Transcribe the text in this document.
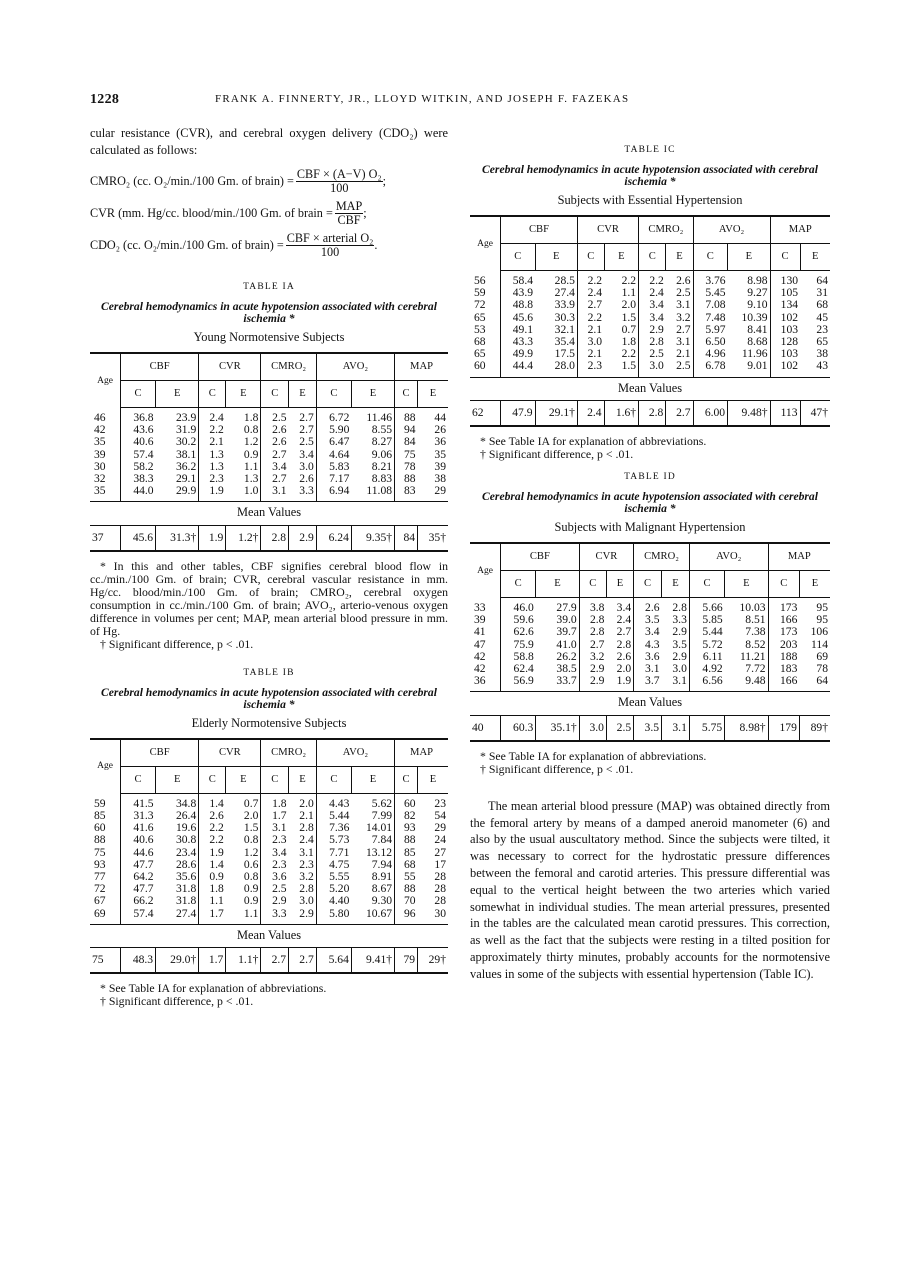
1228	FRANK A. FINNERTY, JR., LLOYD WITKIN, AND JOSEPH F. FAZEKAS
cular resistance (CVR), and cerebral oxygen delivery (CDO₂) were calculated as follows:
CMRO₂ (cc. O₂/min./100 Gm. of brain) = $\frac{\text{CBF × (A−V) O₂}}{100}$ ;
CVR (mm. Hg/cc. blood/min./100 Gm. of brain = $\frac{\text{MAP}}{\text{CBF}}$ ;
CDO₂ (cc. O₂/min./100 Gm. of brain) = $\frac{\text{CBF × arterial O₂}}{100}$ .
TABLE IA
Cerebral hemodynamics in acute hypotension associated with cerebral ischemia *
Young Normotensive Subjects
Age	CBF		CVR		CMRO₂		AVO₂		MAP	
	C	E	C	E	C	E	C	E	C	E
46	36.8	23.9	2.4	1.8	2.5	2.7	6.72	11.46	88	44
42	43.6	31.9	2.2	0.8	2.6	2.7	5.90	8.55	94	26
35	40.6	30.2	2.1	1.2	2.6	2.5	6.47	8.27	84	36
39	57.4	38.1	1.3	0.9	2.7	3.4	4.64	9.06	75	35
30	58.2	36.2	1.3	1.1	3.4	3.0	5.83	8.21	78	39
32	38.3	29.1	2.3	1.3	2.7	2.6	7.17	8.83	88	38
35	44.0	29.9	1.9	1.0	3.1	3.3	6.94	11.08	83	29
Mean Values										
37	45.6	31.3†	1.9	1.2†	2.8	2.9	6.24	9.35†	84	35†

* In this and other tables, CBF signifies cerebral blood flow in cc./min./100 Gm. of brain; CVR, cerebral vascular resistance in mm. Hg/cc. blood/min./100 Gm. of brain; CMRO₂, cerebral oxygen consumption in cc./min./100 Gm. of brain; AVO₂, arterio-venous oxygen difference in volumes per cent; MAP, mean arterial blood pressure in mm. of Hg.

† Significant difference, p < .01.

TABLE IB
Cerebral hemodynamics in acute hypotension associated with cerebral ischemia *
Elderly Normotensive Subjects
Age	CBF		CVR		CMRO₂		AVO₂		MAP	
	C	E	C	E	C	E	C	E	C	E
59	41.5	34.8	1.4	0.7	1.8	2.0	4.43	5.62	60	23
85	31.3	26.4	2.6	2.0	1.7	2.1	5.44	7.99	82	54
60	41.6	19.6	2.2	1.5	3.1	2.8	7.36	14.01	93	29
88	40.6	30.8	2.2	0.8	2.3	2.4	5.73	7.84	88	24
75	44.6	23.4	1.9	1.2	3.4	3.1	7.71	13.12	85	27
93	47.7	28.6	1.4	0.6	2.3	2.3	4.75	7.94	68	17
77	64.2	35.6	0.9	0.8	3.6	3.2	5.55	8.91	55	28
72	47.7	31.8	1.8	0.9	2.5	2.8	5.20	8.67	88	28
67	66.2	31.8	1.1	0.9	2.9	3.0	4.40	9.30	70	28
69	57.4	27.4	1.7	1.1	3.3	2.9	5.80	10.67	96	30
Mean Values										
75	48.3	29.0†	1.7	1.1†	2.7	2.7	5.64	9.41†	79	29†

* See Table IA for explanation of abbreviations.

† Significant difference, p < .01.

TABLE IC
Cerebral hemodynamics in acute hypotension associated with cerebral ischemia *
Subjects with Essential Hypertension
Age	CBF		CVR		CMRO₂		AVO₂		MAP	
	C	E	C	E	C	E	C	E	C	E
56	58.4	28.5	2.2	2.2	2.2	2.6	3.76	8.98	130	64
59	43.9	27.4	2.4	1.1	2.4	2.5	5.45	9.27	105	31
72	48.8	33.9	2.7	2.0	3.4	3.1	7.08	9.10	134	68
65	45.6	30.3	2.2	1.5	3.4	3.2	7.48	10.39	102	45
53	49.1	32.1	2.1	0.7	2.9	2.7	5.97	8.41	103	23
68	43.3	35.4	3.0	1.8	2.8	3.1	6.50	8.68	128	65
65	49.9	17.5	2.1	2.2	2.5	2.1	4.96	11.96	103	38
60	44.4	28.0	2.3	1.5	3.0	2.5	6.78	9.01	102	43
Mean Values										
62	47.9	29.1†	2.4	1.6†	2.8	2.7	6.00	9.48†	113	47†

* See Table IA for explanation of abbreviations.

† Significant difference, p < .01.

TABLE ID
Cerebral hemodynamics in acute hypotension associated with cerebral ischemia *
Subjects with Malignant Hypertension
Age	CBF		CVR		CMRO₂		AVO₂		MAP	
	C	E	C	E	C	E	C	E	C	E
33	46.0	27.9	3.8	3.4	2.6	2.8	5.66	10.03	173	95
39	59.6	39.0	2.8	2.4	3.5	3.3	5.85	8.51	166	95
41	62.6	39.7	2.8	2.7	3.4	2.9	5.44	7.38	173	106
47	75.9	41.0	2.7	2.8	4.3	3.5	5.72	8.52	203	114
42	58.8	26.2	3.2	2.6	3.6	2.9	6.11	11.21	188	69
42	62.4	38.5	2.9	2.0	3.1	3.0	4.92	7.72	183	78
36	56.9	33.7	2.9	1.9	3.7	3.1	6.56	9.48	166	64
Mean Values										
40	60.3	35.1†	3.0	2.5	3.5	3.1	5.75	8.98†	179	89†

* See Table IA for explanation of abbreviations.

† Significant difference, p < .01.

The mean arterial blood pressure (MAP) was obtained directly from the femoral artery by means of a damped aneroid manometer (6) and also by the usual auscultatory method. Since the subjects were tilted, it was necessary to correct for the hydrostatic pressure differences between the femoral and carotid arteries. This pressure differential was equal to the vertical height between the two arteries which varied somewhat in individual studies. The mean arterial pressures, presented in the tables are the calculated mean carotid pressures. This correction, as well as the fact that the subjects were resting in a tilted position for approximately thirty minutes, probably accounts for the normotensive values in some of the subjects with essential hypertension (Table IC).
